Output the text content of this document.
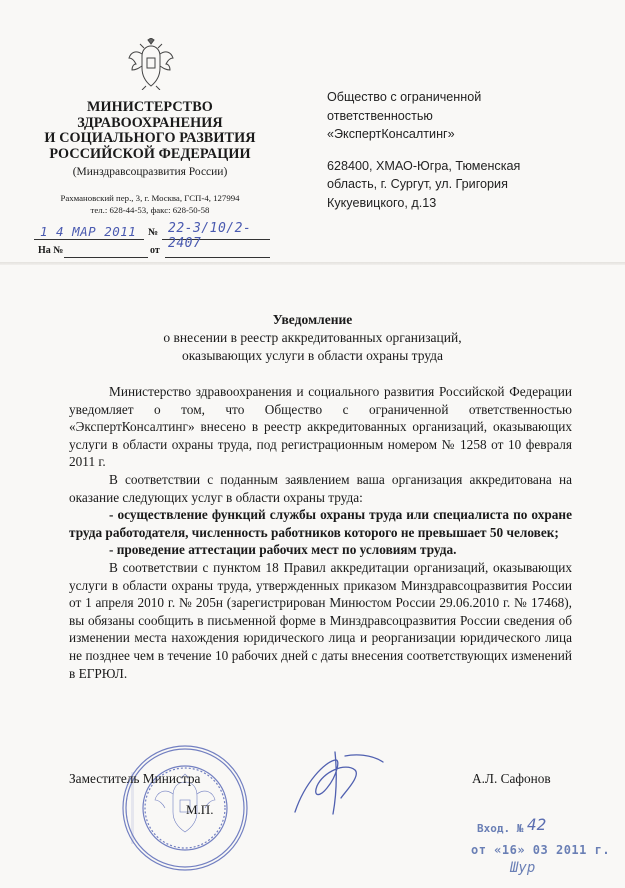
МИНИСТЕРСТВО
ЗДРАВООХРАНЕНИЯ
И СОЦИАЛЬНОГО РАЗВИТИЯ
РОССИЙСКОЙ ФЕДЕРАЦИИ
(Минздравсоцразвития России)
Рахмановский пер., 3, г. Москва, ГСП-4, 127994
тел.: 628-44-53, факс: 628-50-58
1 4 МАР 2011 № 22-3/10/2-2407
На №	от
Общество с ограниченной
ответственностью
«ЭкспертКонсалтинг»
628400, ХМАО-Югра, Тюменская
область, г. Сургут, ул. Григория
Кукуевицкого, д.13
Уведомление
о внесении в реестр аккредитованных организаций,
оказывающих услуги в области охраны труда

Министерство здравоохранения и социального развития Российской Федерации уведомляет о том, что Общество с ограниченной ответственностью «ЭкспертКонсалтинг» внесено в реестр аккредитованных организаций, оказывающих услуги в области охраны труда, под регистрационным номером № 1258 от 10 февраля 2011 г.

В соответствии с поданным заявлением ваша организация аккредитована на оказание следующих услуг в области охраны труда:

- осуществление функций службы охраны труда или специалиста по охране труда работодателя, численность работников которого не превышает 50 человек;

- проведение аттестации рабочих мест по условиям труда.

В соответствии с пунктом 18 Правил аккредитации организаций, оказывающих услуги в области охраны труда, утвержденных приказом Минздравсоцразвития России от 1 апреля 2010 г. № 205н (зарегистрирован Минюстом России 29.06.2010 г. № 17468), вы обязаны сообщить в письменной форме в Минздравсоцразвития России сведения об изменении места нахождения юридического лица и реорганизации юридического лица не позднее чем в течение 10 рабочих дней с даты внесения соответствующих изменений в ЕГРЮЛ.

Заместитель Министра
М.П.
А.Л. Сафонов
Вход. № 42
от «16» 03 2011 г.
Шур
